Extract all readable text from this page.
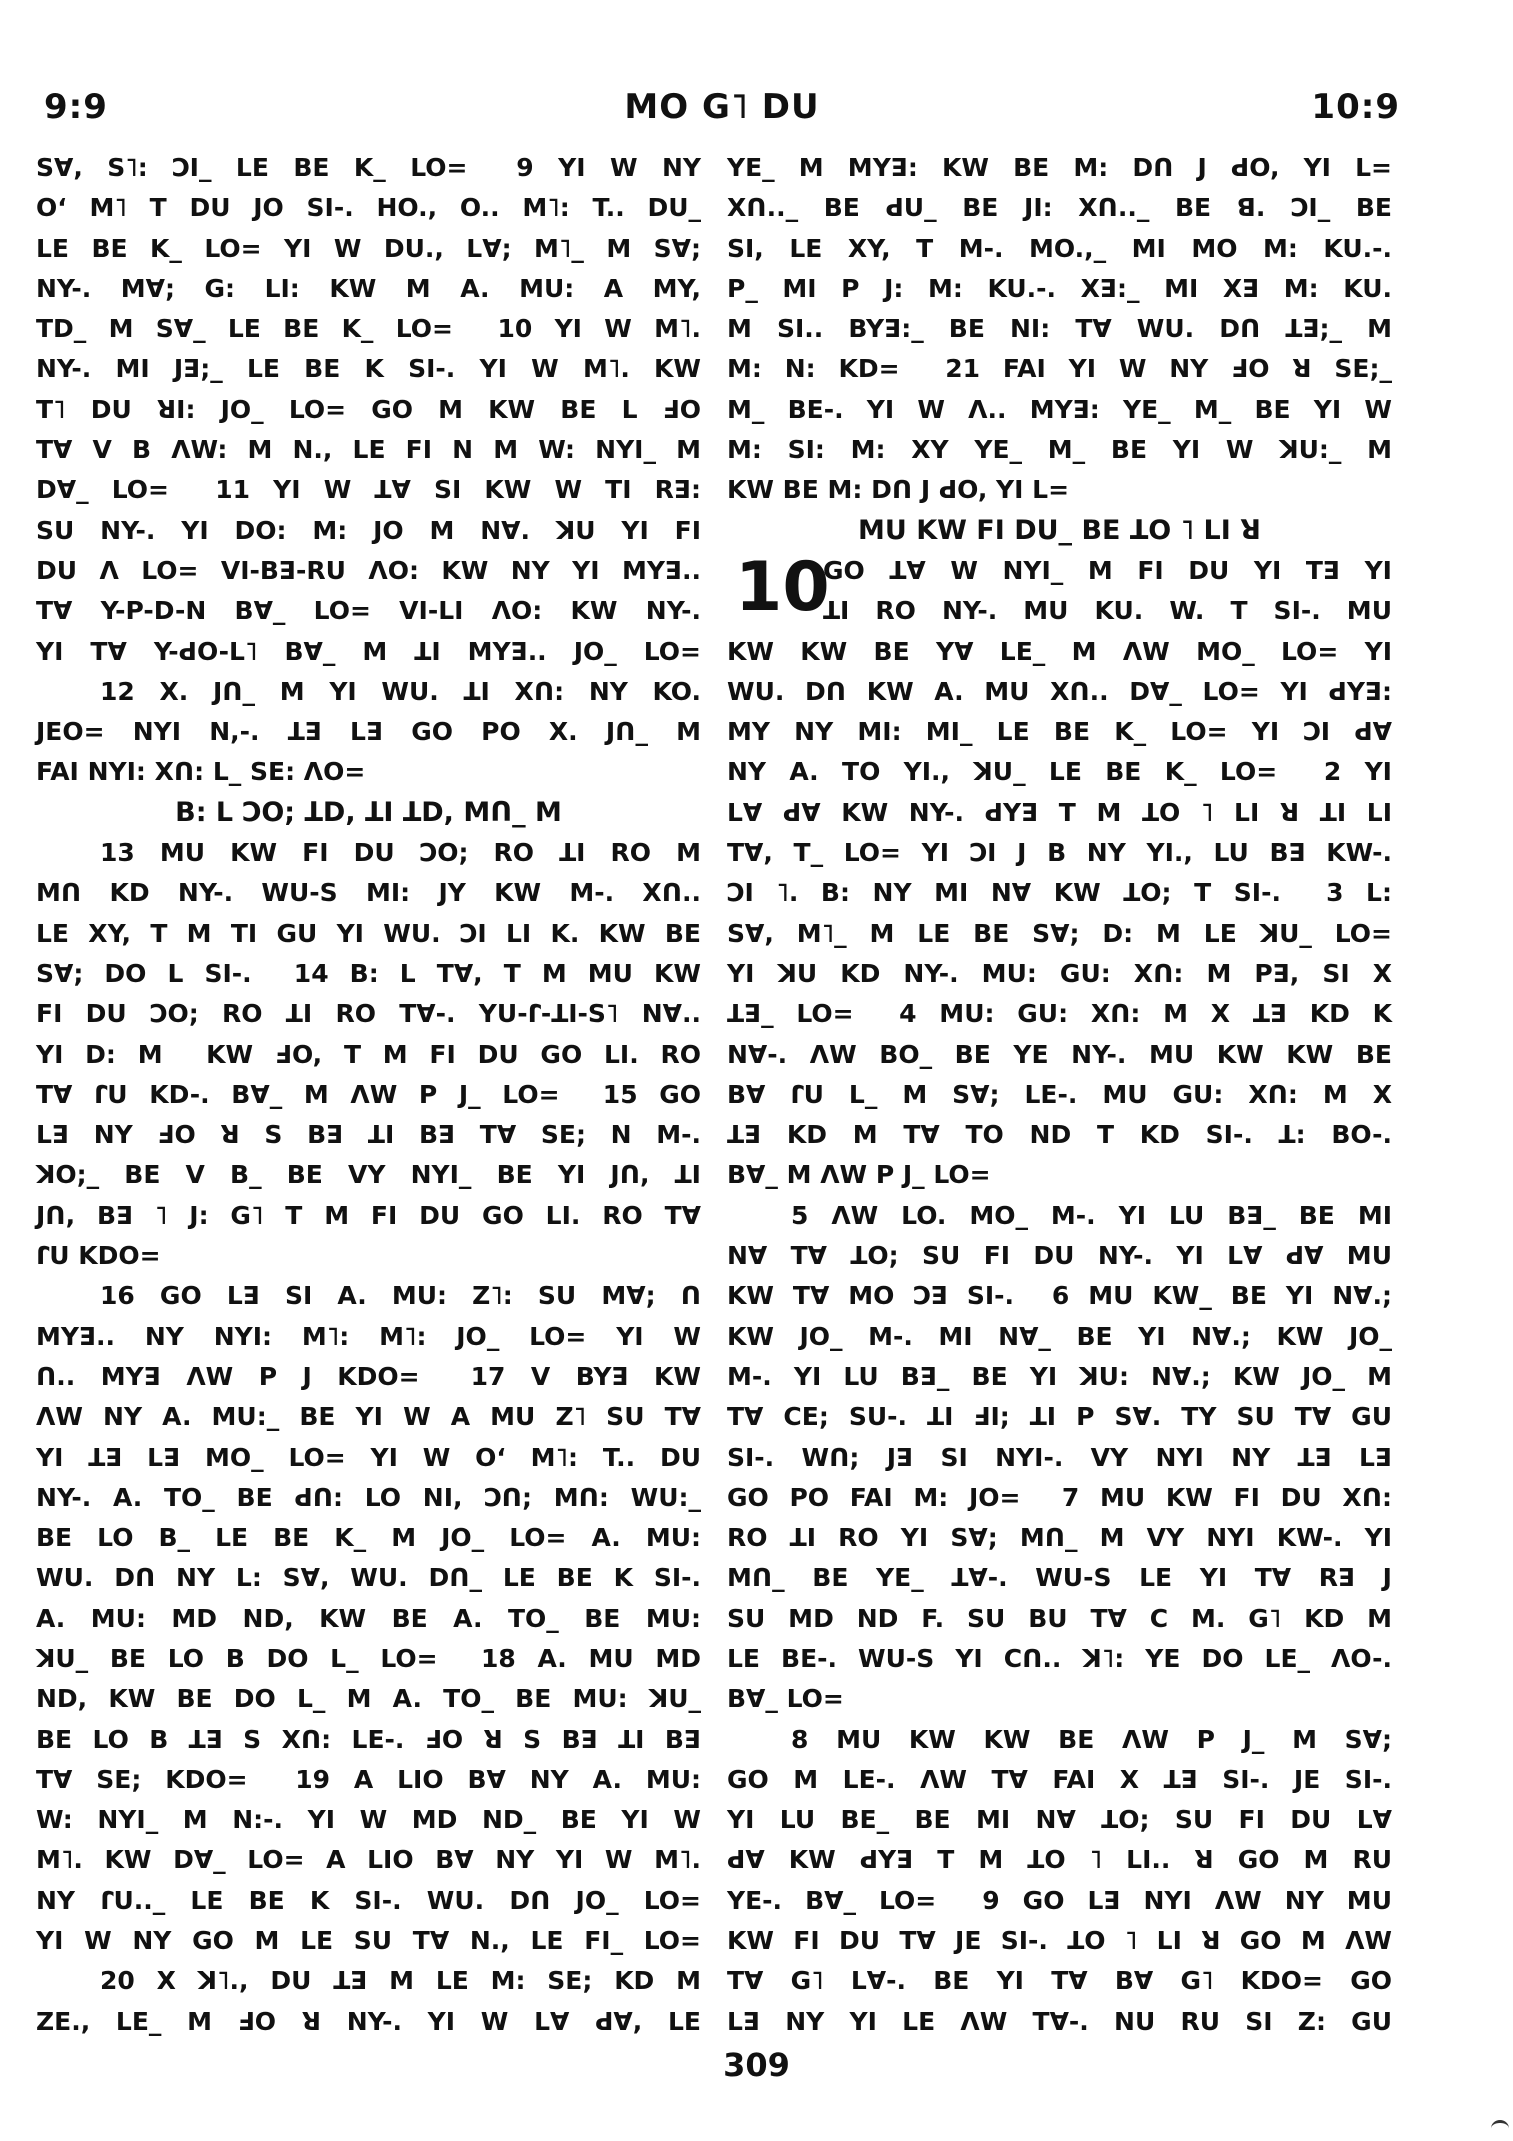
MO G˥ DU
9:9	10:9
Sꓯ, S˥: ϽI_ LE BE K_ LO=  9 YI W NY
O‘ M˥ T DU JO SI-. HO., O.. M˥: T.. DU_
LE BE K_ LO= YI W DU., Lꓯ; M˥_ M Sꓯ;
NY-. Mꓯ; G: LI: KW M A. MU: A MY,
TD_ M Sꓯ_ LE BE K_ LO=  10 YI W M˥.
NY-. MI Jꓱ;_ LE BE K SI-. YI W M˥. KW
T˥ DU ꓤI: JO_ LO= GO M KW BE L ꓞO
Tꓯ V B ꓥW: M N., LE FI N M W: NYI_ M
Dꓯ_ LO=  11 YI W ꓕꓯ SI KW W TI Rꓱ:
SU NY-. YI DO: M: JO M Nꓯ. ꓘU YI FI
DU ꓥ LO= VI-Bꓱ-RU ꓥO: KW NY YI MYꓱ..
Tꓯ Y-P-D-N Bꓯ_ LO= VI-LI ꓥO: KW NY-.
YI Tꓯ Y-ꓒO-L˥ Bꓯ_ M ꓕI MYꓱ.. JO_ LO=
12 X. Jꓵ_ M YI WU. ꓕI Xꓵ: NY KO.
JEO= NYI N,-. ꓕꓱ Lꓱ GO PO X. Jꓵ_ M
FAI NYI: Xꓵ: L_ SE: ꓥO=
B: L ϽO; ꓕD, ꓕI ꓕD, Mꓵ_ M
13 MU KW FI DU ϽO; RO ꓕI RO M
Mꓵ KD NY-. WU-S MI: JY KW M-. Xꓵ..
LE XY, T M TI GU YI WU. ϽI LI K. KW BE
Sꓯ; DO L SI-.  14 B: L Tꓯ, T M MU KW
FI DU ϽO; RO ꓕI RO Tꓯ-. YU-ꓩ-ꓕI-S˥ Nꓯ..
YI D: M  KW ꓞO, T M FI DU GO LI. RO
Tꓯ ꓩU KD-. Bꓯ_ M ꓥW P J_ LO=  15 GO
Lꓱ NY ꓞO ꓤ S Bꓱ ꓕI Bꓱ Tꓯ SE; N M-.
ꓘO;_ BE V B_ BE VY NYI_ BE YI Jꓵ, ꓕI
Jꓵ, Bꓱ ˥ J: G˥ T M FI DU GO LI. RO Tꓯ
ꓩU KDO=
16 GO Lꓱ SI A. MU: Z˥: SU Mꓯ; ꓵ
MYꓱ.. NY NYI: M˥: M˥: JO_ LO= YI W
ꓵ.. MYꓱ ꓥW P J KDO=  17 V BYꓱ KW
ꓥW NY A. MU:_ BE YI W A MU Z˥ SU Tꓯ
YI ꓕꓱ Lꓱ MO_ LO= YI W O‘ M˥: T.. DU
NY-. A. TO_ BE ꓒꓵ: LO NI, Ͻꓵ; Mꓵ: WU:_
BE LO B_ LE BE K_ M JO_ LO= A. MU:
WU. Dꓵ NY L: Sꓯ, WU. Dꓵ_ LE BE K SI-.
A. MU: MD ND, KW BE A. TO_ BE MU:
ꓘU_ BE LO B DO L_ LO=  18 A. MU MD
ND, KW BE DO L_ M A. TO_ BE MU: ꓘU_
BE LO B ꓕꓱ S Xꓵ: LE-. ꓞO ꓤ S Bꓱ ꓕI Bꓱ
Tꓯ SE; KDO=  19 A LIO Bꓯ NY A. MU:
W: NYI_ M N:-. YI W MD ND_ BE YI W
M˥. KW Dꓯ_ LO= A LIO Bꓯ NY YI W M˥.
NY ꓩU.._ LE BE K SI-. WU. Dꓵ JO_ LO=
YI W NY GO M LE SU Tꓯ N., LE FI_ LO=
20 X ꓘ˥., DU ꓕꓱ M LE M: SE; KD M
ZE., LE_ M ꓞO ꓤ NY-. YI W Lꓯ ꓒꓯ, LE
YE_ M MYꓱ: KW BE M: Dꓵ J ꓒO, YI L=
Xꓵ.._ BE ꓒU_ BE JI: Xꓵ.._ BE ꓭ. ϽI_ BE
SI, LE XY, T M-. MO.,_ MI MO M: KU.-.
P_ MI P J: M: KU.-. Xꓱ:_ MI Xꓱ M: KU.
M SI.. BYꓱ:_ BE NI: Tꓯ WU. Dꓵ ꓕꓱ;_ M
M: N: KD=  21 FAI YI W NY ꓞO ꓤ SE;_
M_ BE-. YI W ꓥ.. MYꓱ: YE_ M_ BE YI W
M: SI: M: XY YE_ M_ BE YI W ꓘU:_ M
KW BE M: Dꓵ J ꓒO, YI L=
MU KW FI DU_ BE ꓕO ˥ LI ꓤ
GO ꓕꓯ W NYI_ M FI DU YI Tꓱ YI
ꓕI RO NY-. MU KU. W. T SI-. MU
KW KW BE Yꓯ LE_ M ꓥW MO_ LO= YI
WU. Dꓵ KW A. MU Xꓵ.. Dꓯ_ LO= YI ꓒYꓱ:
MY NY MI: MI_ LE BE K_ LO= YI ϽI ꓒꓯ
NY A. TO YI., ꓘU_ LE BE K_ LO=  2 YI
Lꓯ ꓒꓯ KW NY-. ꓒYꓱ T M ꓕO ˥ LI ꓤ ꓕI LI
Tꓯ, T_ LO= YI ϽI J B NY YI., LU Bꓱ KW-.
ϽI ˥. B: NY MI Nꓯ KW ꓕO; T SI-.  3 L:
Sꓯ, M˥_ M LE BE Sꓯ; D: M LE ꓘU_ LO=
YI ꓘU KD NY-. MU: GU: Xꓵ: M Pꓱ, SI X
ꓕꓱ_ LO=  4 MU: GU: Xꓵ: M X ꓕꓱ KD K
Nꓯ-. ꓥW BO_ BE YE NY-. MU KW KW BE
Bꓯ ꓩU L_ M Sꓯ; LE-. MU GU: Xꓵ: M X
ꓕꓱ KD M Tꓯ TO ND T KD SI-. ꓕ: BO-.
Bꓯ_ M ꓥW P J_ LO=
5 ꓥW LO. MO_ M-. YI LU Bꓱ_ BE MI
Nꓯ Tꓯ ꓕO; ꓢU FI DU NY-. YI Lꓯ ꓒꓯ MU
KW Tꓯ MO Ͻꓱ SI-.  6 MU KW_ BE YI Nꓯ.;
KW JO_ M-. MI Nꓯ_ BE YI Nꓯ.; KW JO_
M-. YI LU Bꓱ_ BE YI ꓘU: Nꓯ.; KW JO_ M
Tꓯ CE; SU-. ꓕI ꓞI; ꓕI P Sꓯ. TY SU Tꓯ GU
SI-. Wꓵ; Jꓱ SI NYI-. VY NYI NY ꓕꓱ Lꓱ
GO PO FAI M: JO=  7 MU KW FI DU Xꓵ:
RO ꓕI RO YI Sꓯ; Mꓵ_ M VY NYI KW-. YI
Mꓵ_ BE YE_ ꓕꓯ-. WU-S LE YI Tꓯ Rꓱ J
SU MD ND F. SU BU Tꓯ C M. G˥ KD M
LE BE-. WU-S YI Cꓵ.. ꓘ˥: YE DO LE_ ꓥO-.
Bꓯ_ LO=
8 MU KW KW BE ꓥW P J_ M Sꓯ;
GO M LE-. ꓥW Tꓯ FAI X ꓕꓱ SI-. JE SI-.
YI LU BE_ BE MI Nꓯ ꓕO; SU FI DU Lꓯ
ꓒꓯ KW ꓒYꓱ T M ꓕO ˥ LI.. ꓤ GO M RU
YE-. Bꓯ_ LO=  9 GO Lꓱ NYI ꓥW NY MU
KW FI DU Tꓯ JE SI-. ꓕO ˥ LI ꓤ GO M ꓥW
Tꓯ G˥ Lꓯ-. BE YI Tꓯ Bꓯ G˥ KDO= GO
Lꓱ NY YI LE ꓥW Tꓯ-. NU RU SI Z: GU
10
309
